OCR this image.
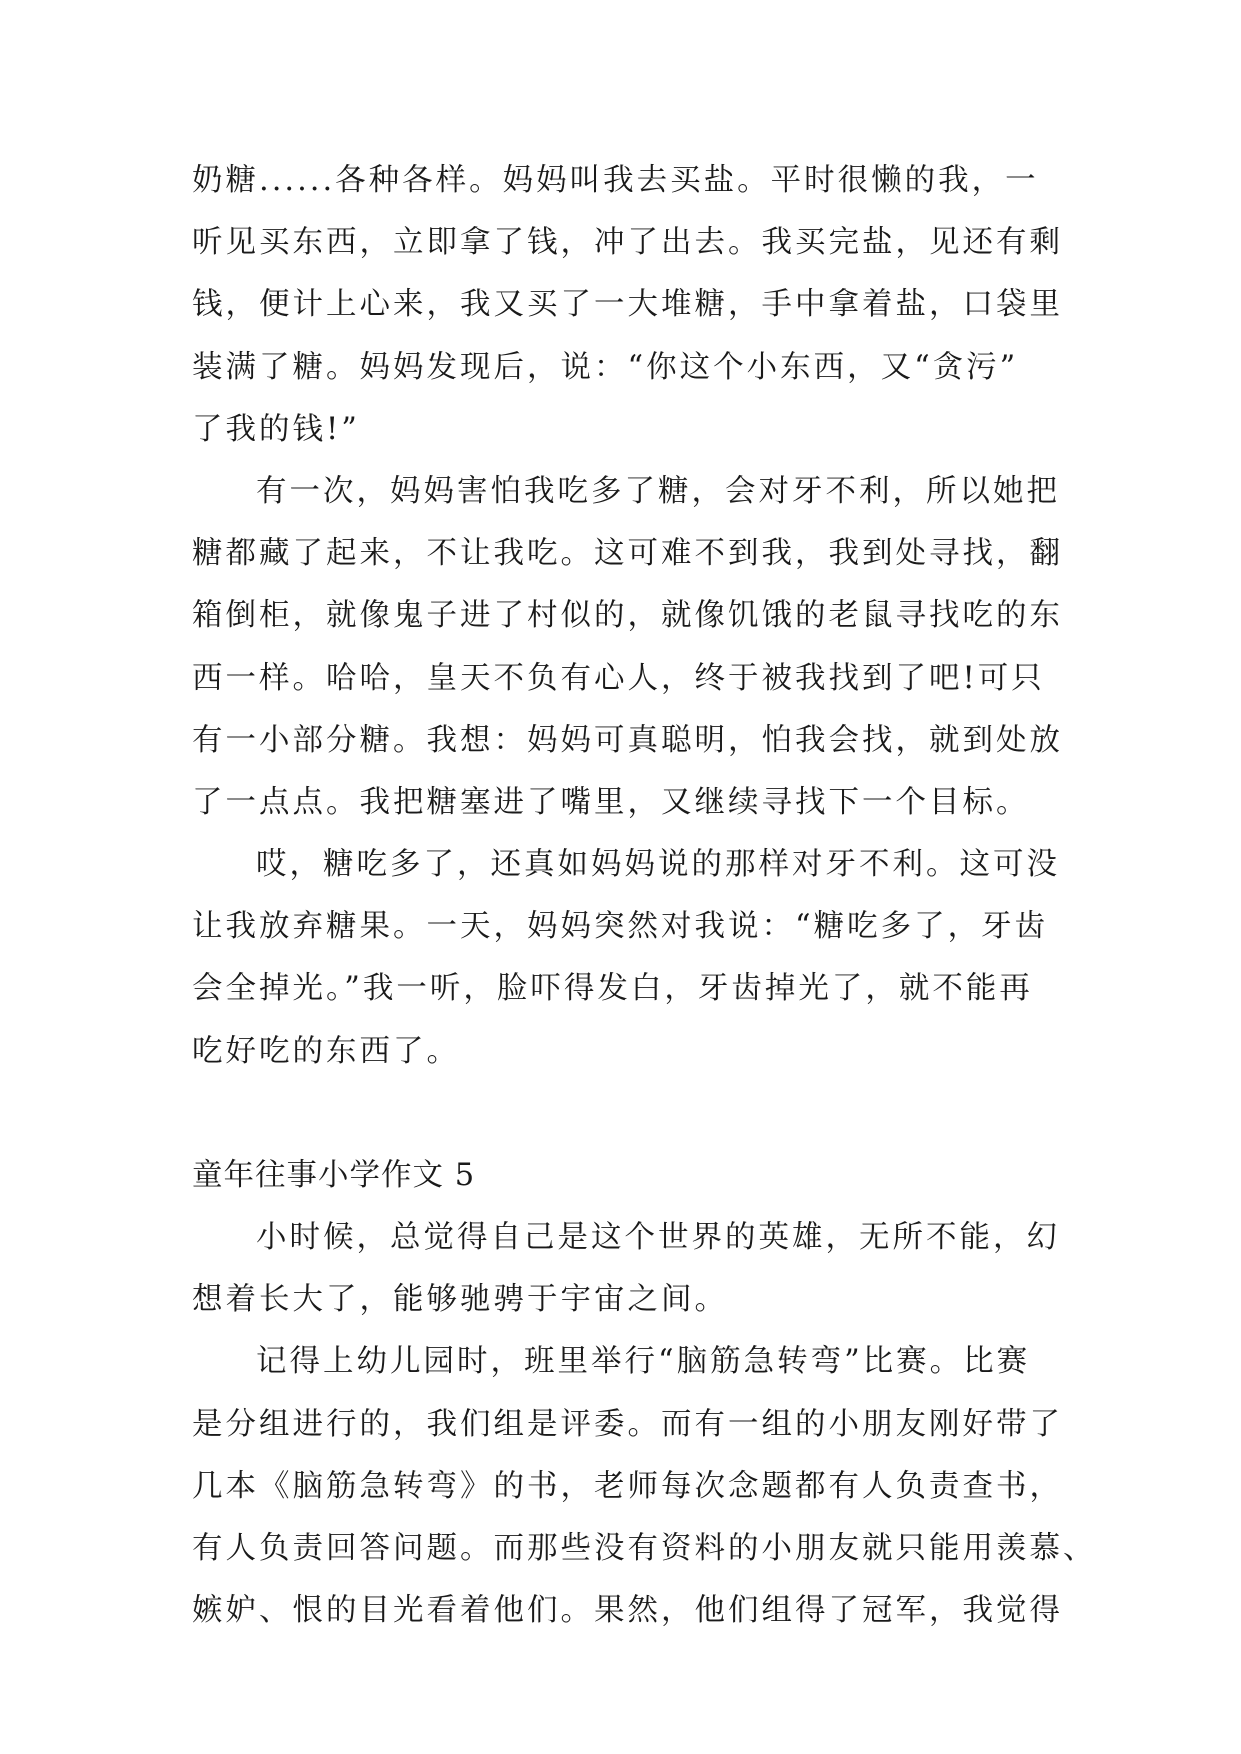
奶糖......各种各样。妈妈叫我去买盐。平时很懒的我，一
听见买东西，立即拿了钱，冲了出去。我买完盐，见还有剩
钱，便计上心来，我又买了一大堆糖，手中拿着盐，口袋里
装满了糖。妈妈发现后，说：“你这个小东西，又“贪污”
了我的钱!”
有一次，妈妈害怕我吃多了糖，会对牙不利，所以她把
糖都藏了起来，不让我吃。这可难不到我，我到处寻找，翻
箱倒柜，就像鬼子进了村似的，就像饥饿的老鼠寻找吃的东
西一样。哈哈，皇天不负有心人，终于被我找到了吧!可只
有一小部分糖。我想：妈妈可真聪明，怕我会找，就到处放
了一点点。我把糖塞进了嘴里，又继续寻找下一个目标。
哎，糖吃多了，还真如妈妈说的那样对牙不利。这可没
让我放弃糖果。一天，妈妈突然对我说：“糖吃多了，牙齿
会全掉光。”我一听，脸吓得发白，牙齿掉光了，就不能再
吃好吃的东西了。
童年往事小学作文 5
小时候，总觉得自己是这个世界的英雄，无所不能，幻
想着长大了，能够驰骋于宇宙之间。
记得上幼儿园时，班里举行“脑筋急转弯”比赛。比赛
是分组进行的，我们组是评委。而有一组的小朋友刚好带了
几本《脑筋急转弯》的书，老师每次念题都有人负责查书，
有人负责回答问题。而那些没有资料的小朋友就只能用羡慕、
嫉妒、恨的目光看着他们。果然，他们组得了冠军，我觉得
